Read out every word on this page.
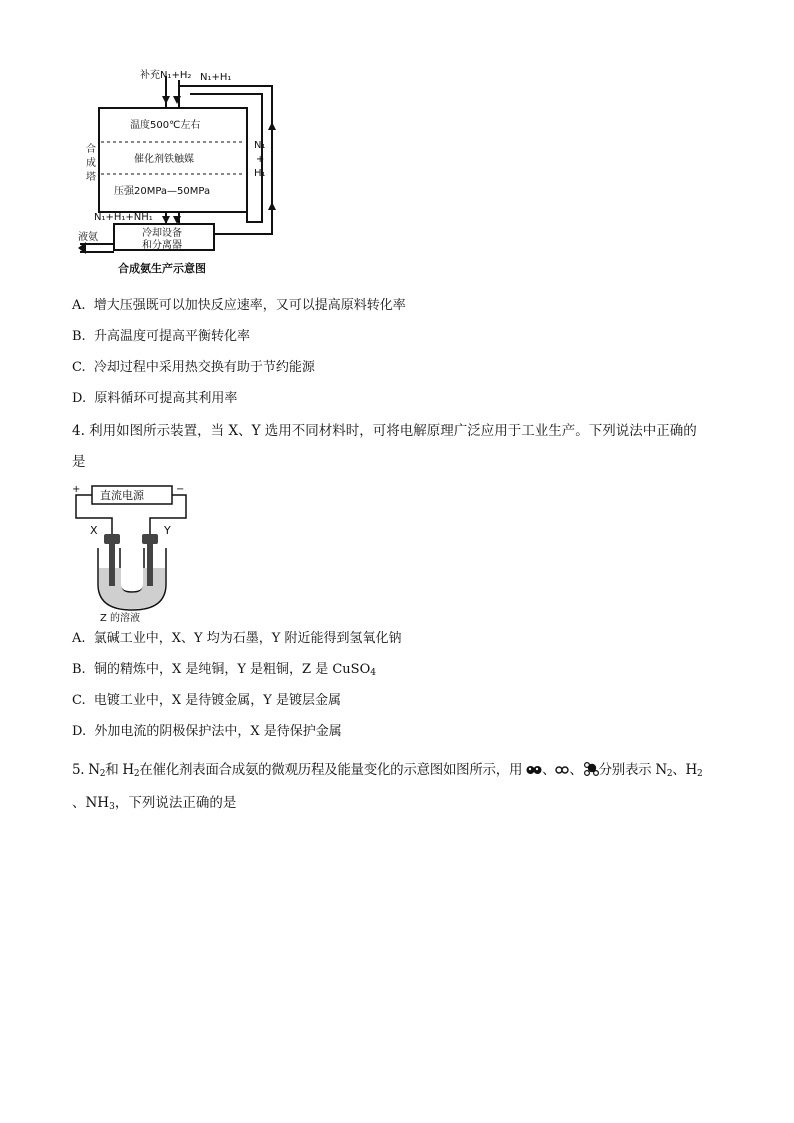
补充N₁+H₂ N₁+H₁
温度500℃左右
催化剂铁触媒
压强20MPa—50MPa
合
成
塔
N₁+H₁+NH₁
冷却设备
和分离器
液氨
N₁
+
H₁
合成氨生产示意图
A. 增大压强既可以加快反应速率，又可以提高原料转化率
B. 升高温度可提高平衡转化率
C. 冷却过程中采用热交换有助于节约能源
D. 原料循环可提高其利用率
4. 利用如图所示装置，当 X、Y 选用不同材料时，可将电解原理广泛应用于工业生产。下列说法中正确的
是
+	−
直流电源
X	Y
Z 的溶液
A. 氯碱工业中，X、Y 均为石墨，Y 附近能得到氢氧化钠
B. 铜的精炼中，X 是纯铜，Y 是粗铜，Z 是 CuSO$_4$
C. 电镀工业中，X 是待镀金属，Y 是镀层金属
D. 外加电流的阴极保护法中，X 是待保护金属
5. $N_2$和 $H_2$在催化剂表面合成氨的微观历程及能量变化的示意图如图所示，用 、 、 分别表示 $N_2$、$H_2$
、$NH_3$，下列说法正确的是
